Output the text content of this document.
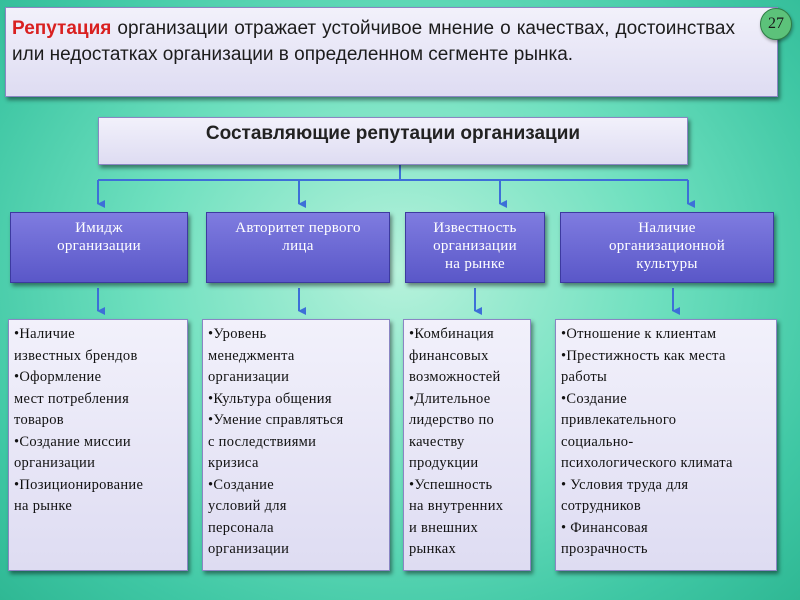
Репутация организации отражает устойчивое мнение о качествах, достоинствах или недостатках организации в определенном сегменте рынка.
27
Составляющие репутации организации
Имидж
организации
Авторитет первого
лица
Известность
организации
на рынке
Наличие
организационной
культуры
•Наличие
известных брендов
•Оформление
мест потребления
товаров
•Создание миссии
организации
•Позиционирование
на рынке
•Уровень
менеджмента
организации
•Культура общения
•Умение справляться
с последствиями
кризиса
•Создание
условий для
персонала
организации
•Комбинация
финансовых
возможностей
•Длительное
лидерство по
качеству
продукции
•Успешность
на внутренних
и внешних
рынках
•Отношение к клиентам
•Престижность как места
работы
•Создание
привлекательного
социально-
психологического климата
• Условия труда для
сотрудников
• Финансовая
прозрачность
